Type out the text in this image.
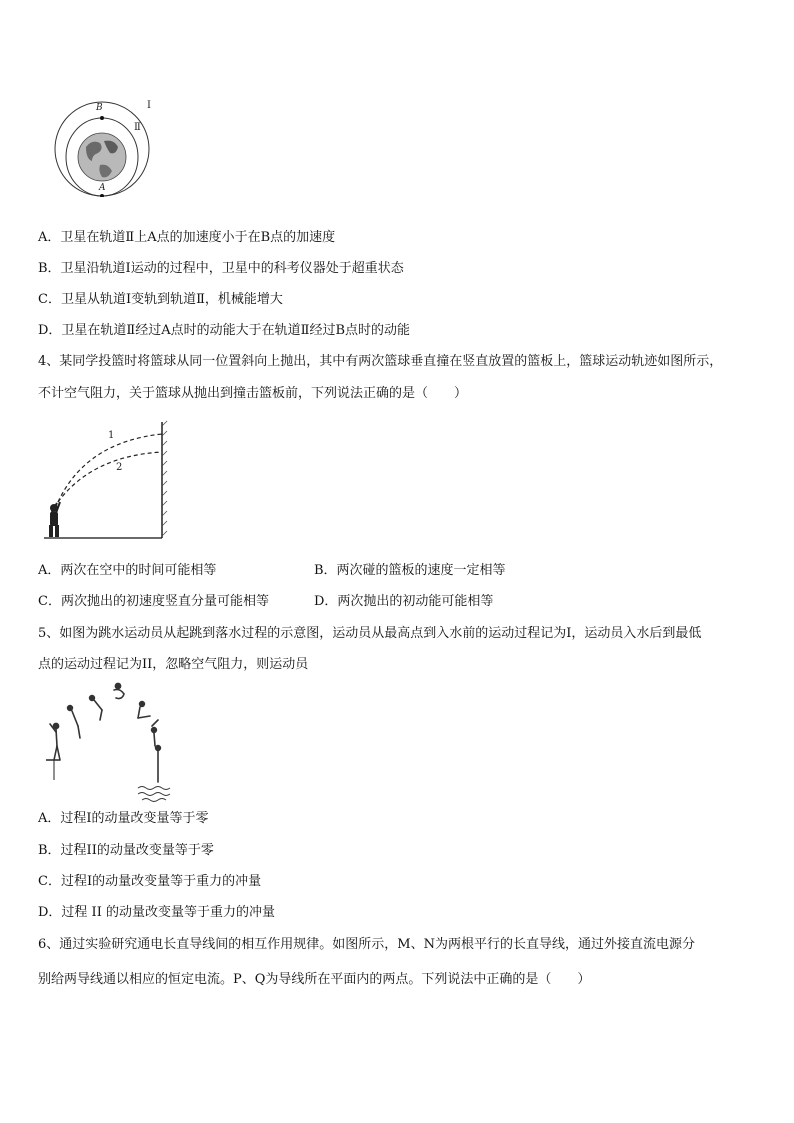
B
A
I
Ⅱ
A．卫星在轨道Ⅱ上A点的加速度小于在B点的加速度
B．卫星沿轨道Ⅰ运动的过程中，卫星中的科考仪器处于超重状态
C．卫星从轨道Ⅰ变轨到轨道Ⅱ，机械能增大
D．卫星在轨道Ⅱ经过A点时的动能大于在轨道Ⅱ经过B点时的动能
4、某同学投篮时将篮球从同一位置斜向上抛出，其中有两次篮球垂直撞在竖直放置的篮板上，篮球运动轨迹如图所示，
不计空气阻力，关于篮球从抛出到撞击篮板前，下列说法正确的是（　　）
1
2
A．两次在空中的时间可能相等	B．两次碰的篮板的速度一定相等
C．两次抛出的初速度竖直分量可能相等	D．两次抛出的初动能可能相等
5、如图为跳水运动员从起跳到落水过程的示意图，运动员从最高点到入水前的运动过程记为I，运动员入水后到最低
点的运动过程记为II，忽略空气阻力，则运动员
A．过程I的动量改变量等于零
B．过程II的动量改变量等于零
C．过程I的动量改变量等于重力的冲量
D．过程 II 的动量改变量等于重力的冲量
6、通过实验研究通电长直导线间的相互作用规律。如图所示，M、N为两根平行的长直导线，通过外接直流电源分
别给两导线通以相应的恒定电流。P、Q为导线所在平面内的两点。下列说法中正确的是（　　）
